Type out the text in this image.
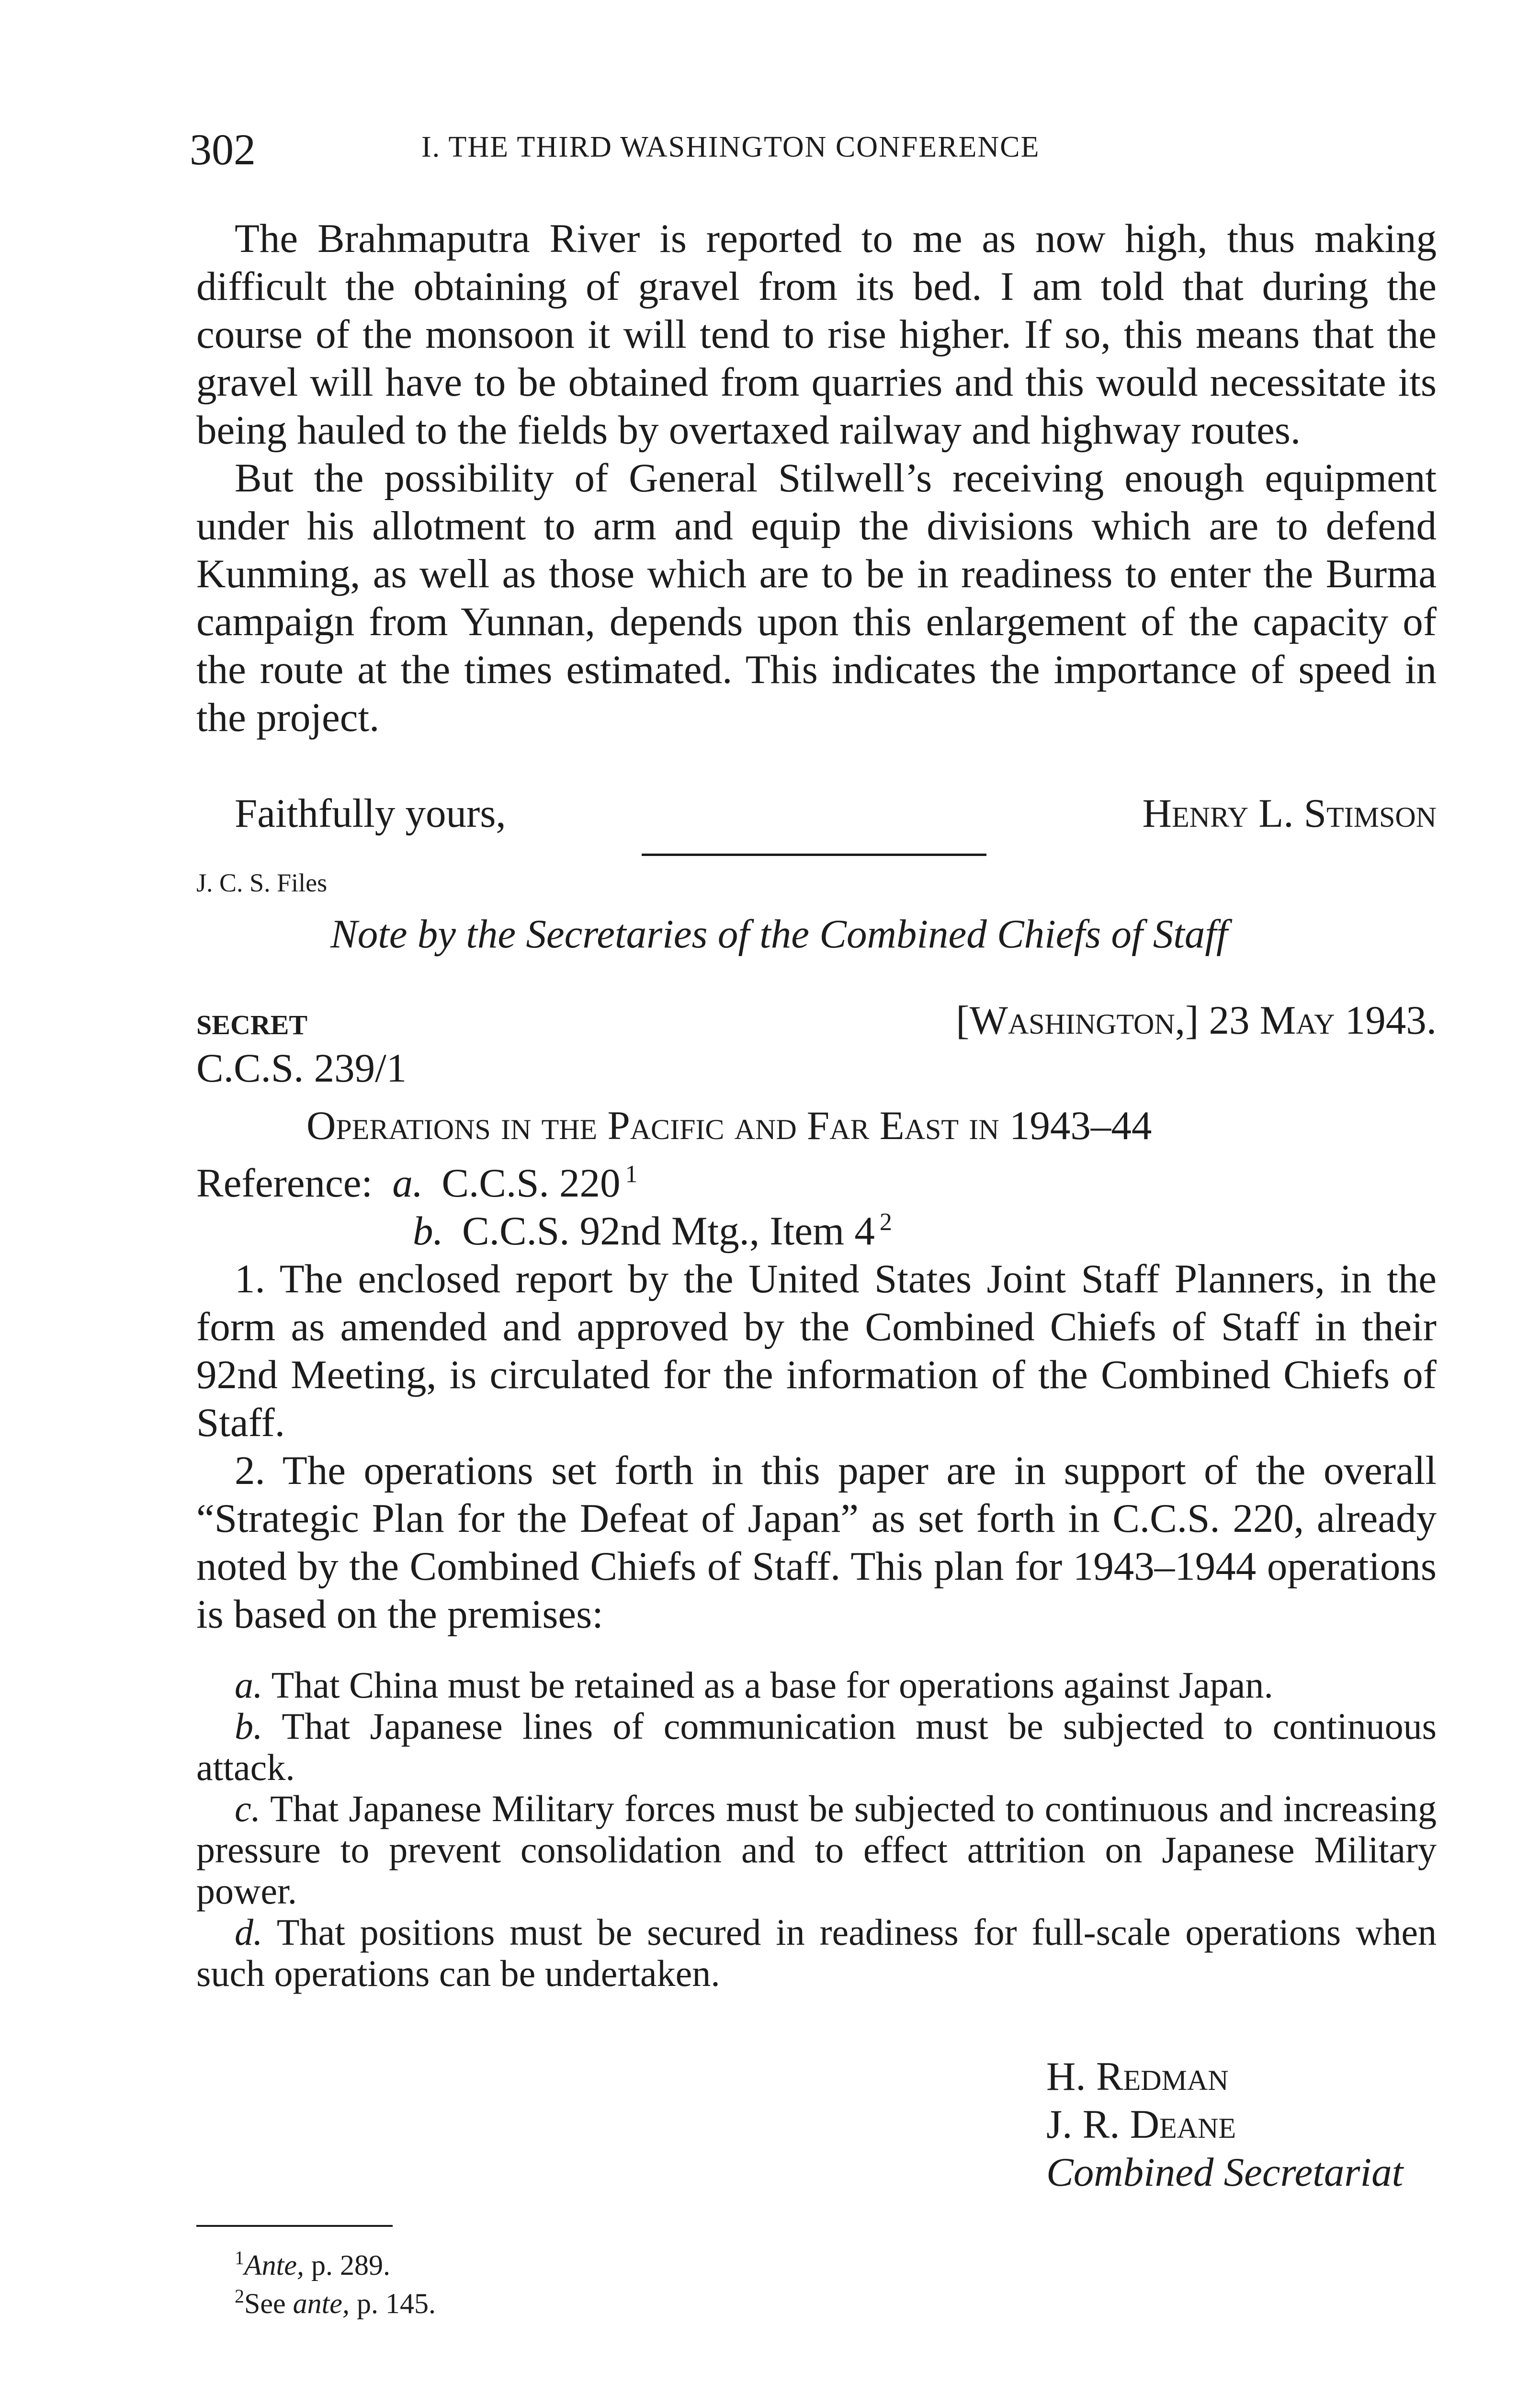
302	I. THE THIRD WASHINGTON CONFERENCE

The Brahmaputra River is reported to me as now high, thus making difficult the obtaining of gravel from its bed. I am told that during the course of the monsoon it will tend to rise higher. If so, this means that the gravel will have to be obtained from quarries and this would necessitate its being hauled to the fields by overtaxed railway and highway routes.

But the possibility of General Stilwell’s receiving enough equipment under his allotment to arm and equip the divisions which are to defend Kunming, as well as those which are to be in readiness to enter the Burma campaign from Yunnan, depends upon this enlargement of the capacity of the route at the times estimated. This indicates the importance of speed in the project.

Faithfully yours,	Henry L. Stimson
J. C. S. Files
Note by the Secretaries of the Combined Chiefs of Staff
SECRET	[Washington,] 23 May 1943.
C.C.S. 239/1
Operations in the Pacific and Far East in 1943–44
Reference: a. C.C.S. 220 $^1$
b. C.C.S. 92nd Mtg., Item 4 $^2$

1. The enclosed report by the United States Joint Staff Planners, in the form as amended and approved by the Combined Chiefs of Staff in their 92nd Meeting, is circulated for the information of the Combined Chiefs of Staff.

2. The operations set forth in this paper are in support of the overall “Strategic Plan for the Defeat of Japan” as set forth in C.C.S. 220, already noted by the Combined Chiefs of Staff. This plan for 1943–1944 operations is based on the premises:

a. That China must be retained as a base for operations against Japan.

b. That Japanese lines of communication must be subjected to continuous attack.

c. That Japanese Military forces must be subjected to continuous and increasing pressure to prevent consolidation and to effect attrition on Japanese Military power.

d. That positions must be secured in readiness for full-scale operations when such operations can be undertaken.

H. Redman
J. R. Deane
Combined Secretariat
$^1$Ante, p. 289.
$^2$See ante, p. 145.
